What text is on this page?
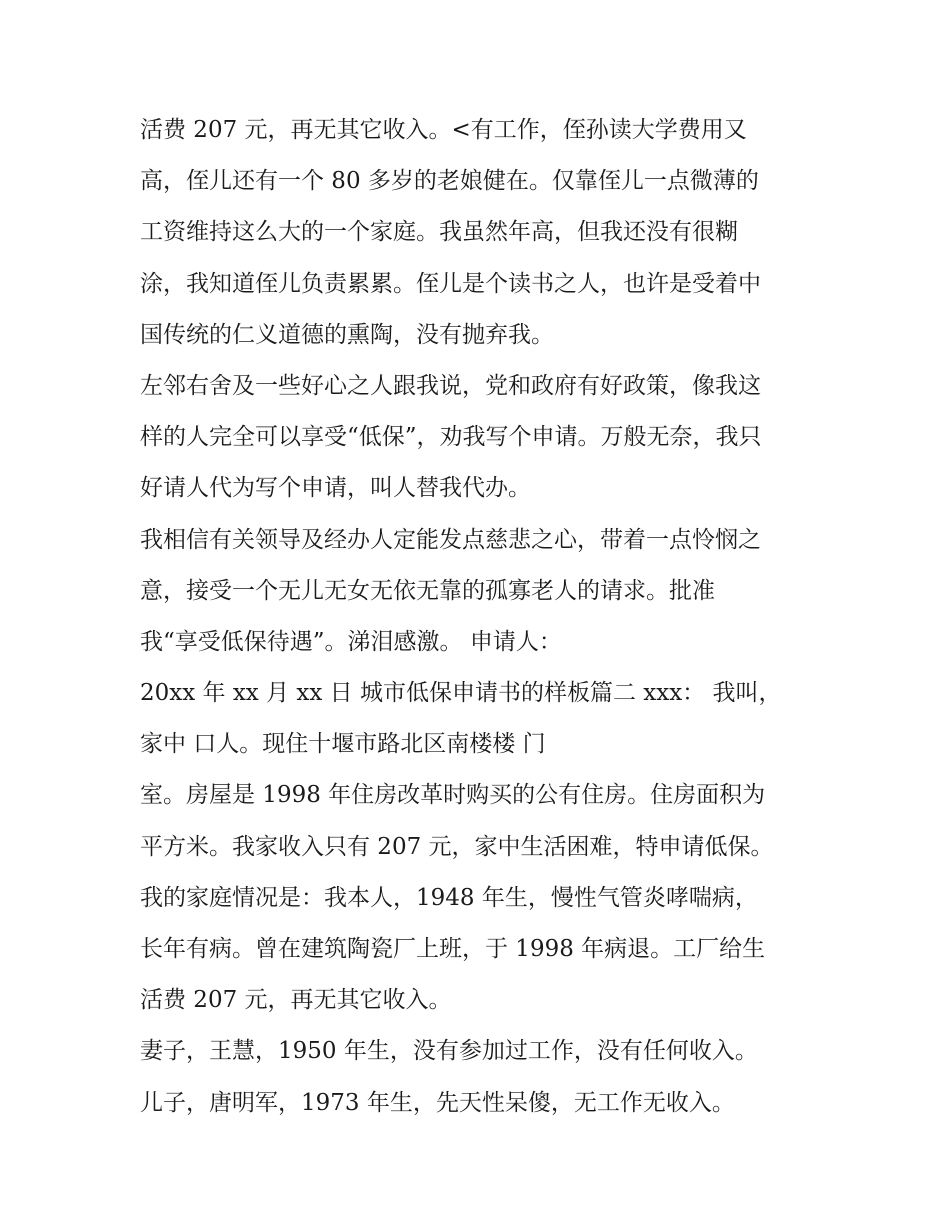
活费 207 元，再无其它收入。<有工作，侄孙读大学费用又
高，侄儿还有一个 80 多岁的老娘健在。仅靠侄儿一点微薄的
工资维持这么大的一个家庭。我虽然年高，但我还没有很糊
涂，我知道侄儿负责累累。侄儿是个读书之人，也许是受着中
国传统的仁义道德的熏陶，没有抛弃我。
左邻右舍及一些好心之人跟我说，党和政府有好政策，像我这
样的人完全可以享受“低保”，劝我写个申请。万般无奈，我只
好请人代为写个申请，叫人替我代办。
我相信有关领导及经办人定能发点慈悲之心，带着一点怜悯之
意，接受一个无儿无女无依无靠的孤寡老人的请求。批准
我“享受低保待遇”。涕泪感激。 申请人：
20xx 年 xx 月 xx 日 城市低保申请书的样板篇二 xxx： 我叫，
家中 口人。现住十堰市路北区南楼楼 门
室。房屋是 1998 年住房改革时购买的公有住房。住房面积为
平方米。我家收入只有 207 元，家中生活困难，特申请低保。
我的家庭情况是：我本人，1948 年生，慢性气管炎哮喘病，
长年有病。曾在建筑陶瓷厂上班，于 1998 年病退。工厂给生
活费 207 元，再无其它收入。
妻子，王慧，1950 年生，没有参加过工作，没有任何收入。
儿子，唐明军，1973 年生，先天性呆傻，无工作无收入。
